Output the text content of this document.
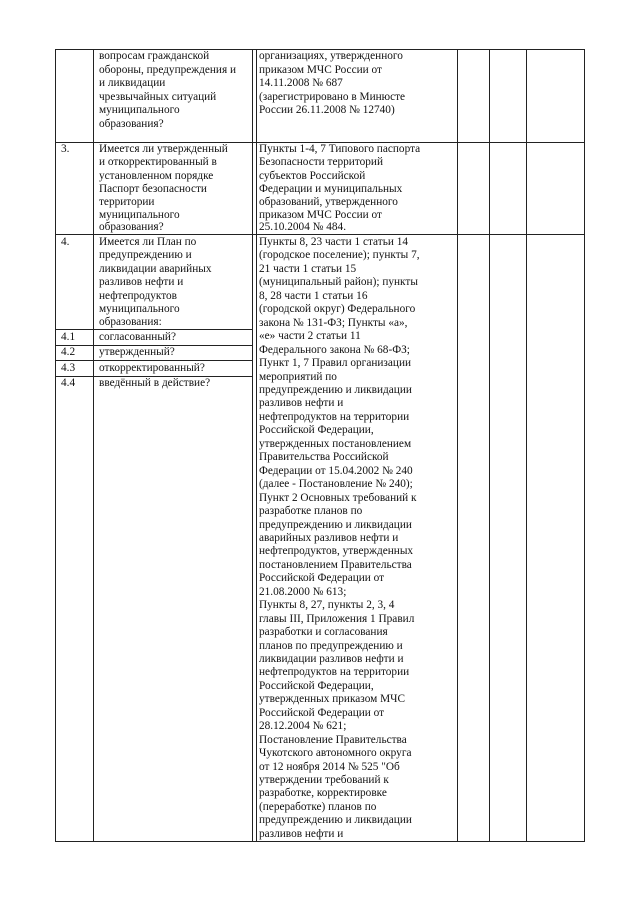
3.
4.
4.1
4.2
4.3
4.4
вопросам гражданской
обороны, предупреждения и
и ликвидации
чрезвычайных ситуаций
муниципального
образования?
Имеется ли утвержденный
и откорректированный в
установленном порядке
Паспорт безопасности
территории
муниципального
образования?
Имеется ли План по
предупреждению и
ликвидации аварийных
разливов нефти и
нефтепродуктов
муниципального
образования:
согласованный?
утвержденный?
откорректированный?
введённый в действие?
организациях, утвержденного
приказом МЧС России от
14.11.2008 № 687
(зарегистрировано в Минюсте
России 26.11.2008 № 12740)
Пункты 1-4, 7 Типового паспорта
Безопасности территорий
субъектов Российской
Федерации и муниципальных
образований, утвержденного
приказом МЧС России от
25.10.2004 № 484.
Пункты 8, 23 части 1 статьи 14
(городское поселение); пункты 7,
21 части 1 статьи 15
(муниципальный район); пункты
8, 28 части 1 статьи 16
(городской округ) Федерального
закона № 131-ФЗ; Пункты «а»,
«е» части 2 статьи 11
Федерального закона № 68-ФЗ;
Пункт 1, 7 Правил организации
мероприятий по
предупреждению и ликвидации
разливов нефти и
нефтепродуктов на территории
Российской Федерации,
утвержденных постановлением
Правительства Российской
Федерации от 15.04.2002 № 240
(далее - Постановление № 240);
Пункт 2 Основных требований к
разработке планов по
предупреждению и ликвидации
аварийных разливов нефти и
нефтепродуктов, утвержденных
постановлением Правительства
Российской Федерации от
21.08.2000 № 613;
Пункты 8, 27, пункты 2, 3, 4
главы III, Приложения 1 Правил
разработки и согласования
планов по предупреждению и
ликвидации разливов нефти и
нефтепродуктов на территории
Российской Федерации,
утвержденных приказом МЧС
Российской Федерации от
28.12.2004 № 621;
Постановление Правительства
Чукотского автономного округа
от 12 ноября 2014 № 525 "Об
утверждении требований к
разработке, корректировке
(переработке) планов по
предупреждению и ликвидации
разливов нефти и
